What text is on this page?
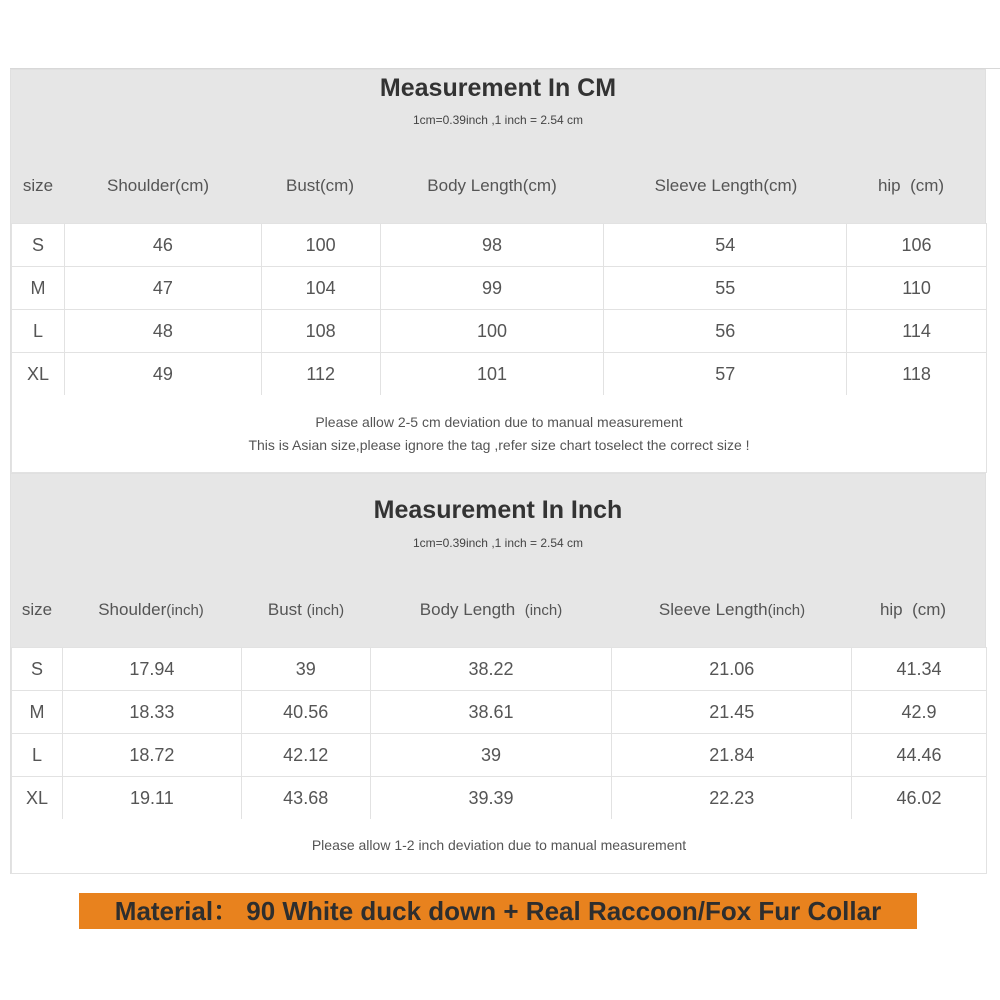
Measurement In CM
1cm=0.39inch ,1 inch = 2.54 cm
size	Shoulder(cm)	Bust(cm)	Body Length(cm)	Sleeve Length(cm)	hip  (cm)
S	46	100	98	54	106
M	47	104	99	55	110
L	48	108	100	56	114
XL	49	112	101	57	118
Please allow 2-5 cm deviation due to manual measurement
This is Asian size,please ignore the tag ,refer size chart toselect the correct size !
Measurement In Inch
1cm=0.39inch ,1 inch = 2.54 cm
size	Shoulder(inch)	Bust (inch)	Body Length  (inch)	Sleeve Length(inch)	hip  (cm)
S	17.94	39	38.22	21.06	41.34
M	18.33	40.56	38.61	21.45	42.9
L	18.72	42.12	39	21.84	44.46
XL	19.11	43.68	39.39	22.23	46.02
Please allow 1-2 inch deviation due to manual measurement
Material： 90 White duck down + Real Raccoon/Fox Fur Collar
